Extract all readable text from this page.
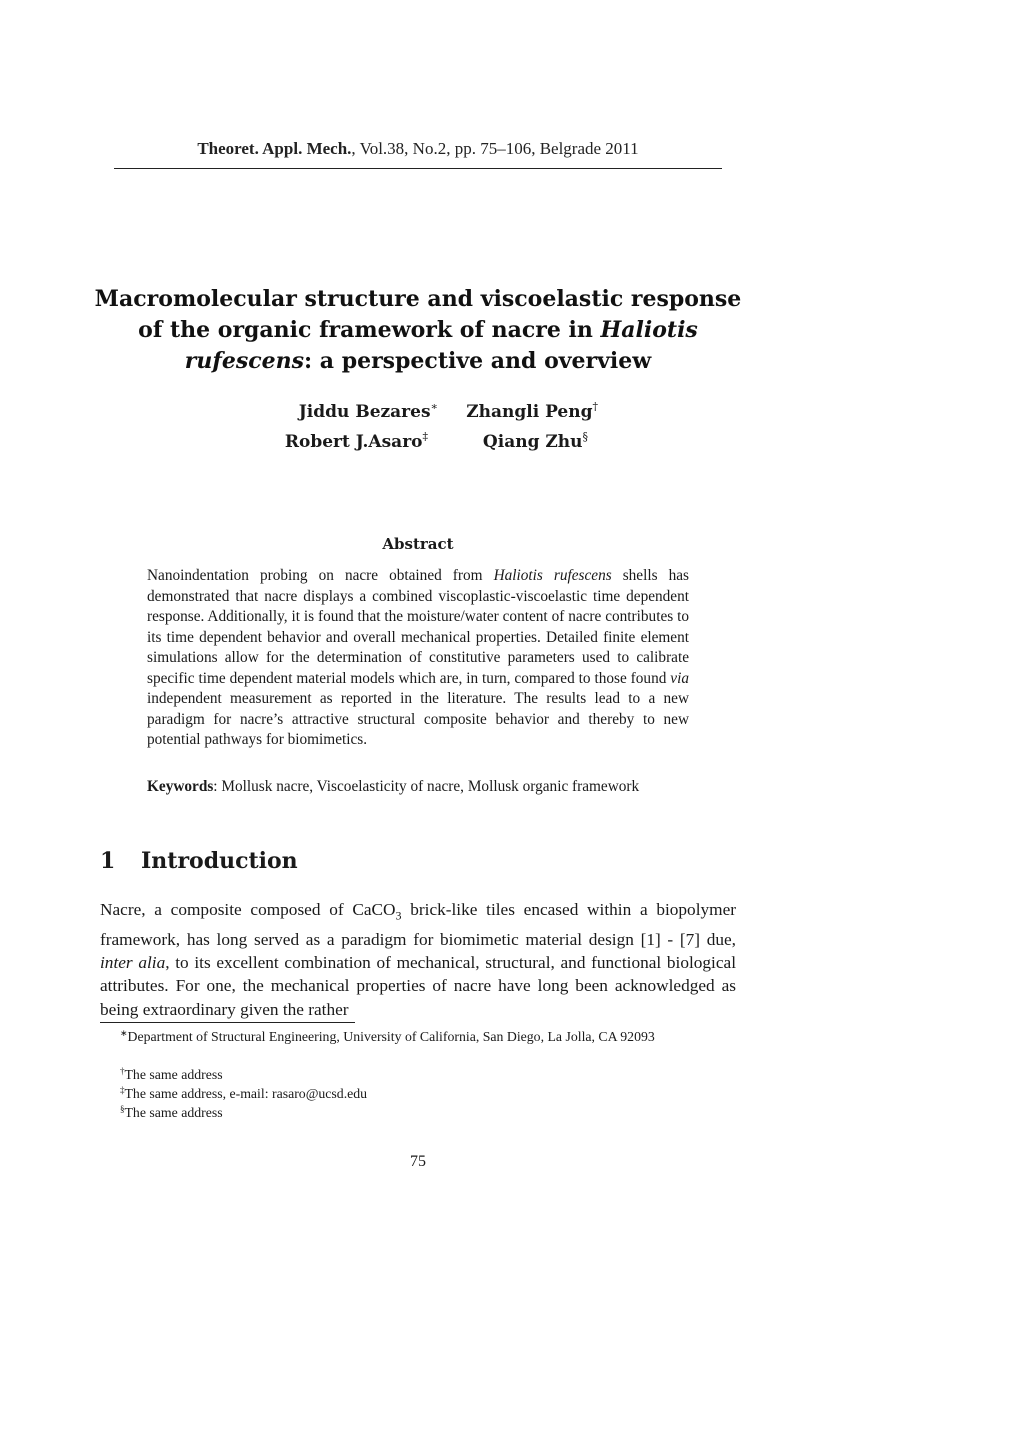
Theoret. Appl. Mech., Vol.38, No.2, pp. 75–106, Belgrade 2011
Macromolecular structure and viscoelastic response of the organic framework of nacre in Haliotis rufescens: a perspective and overview
Jiddu Bezares∗ Zhangli Peng†
Robert J.Asaro‡	Qiang Zhu§
Abstract
Nanoindentation probing on nacre obtained from Haliotis rufescens shells has demonstrated that nacre displays a combined viscoplastic-viscoelastic time dependent response. Additionally, it is found that the moisture/water content of nacre contributes to its time dependent behavior and overall mechanical properties. Detailed finite element simulations allow for the determination of constitutive parameters used to calibrate specific time dependent material models which are, in turn, compared to those found via independent measurement as reported in the literature. The results lead to a new paradigm for nacre’s attractive structural composite behavior and thereby to new potential pathways for biomimetics.
Keywords: Mollusk nacre, Viscoelasticity of nacre, Mollusk organic framework
1 Introduction
Nacre, a composite composed of CaCO$_3$ brick-like tiles encased within a biopolymer framework, has long served as a paradigm for biomimetic material design [1] - [7] due, inter alia, to its excellent combination of mechanical, structural, and functional biological attributes. For one, the mechanical properties of nacre have long been acknowledged as being extraordinary given the rather
∗Department of Structural Engineering, University of California, San Diego, La Jolla, CA 92093
†The same address
‡The same address, e-mail: rasaro@ucsd.edu
§The same address
75
